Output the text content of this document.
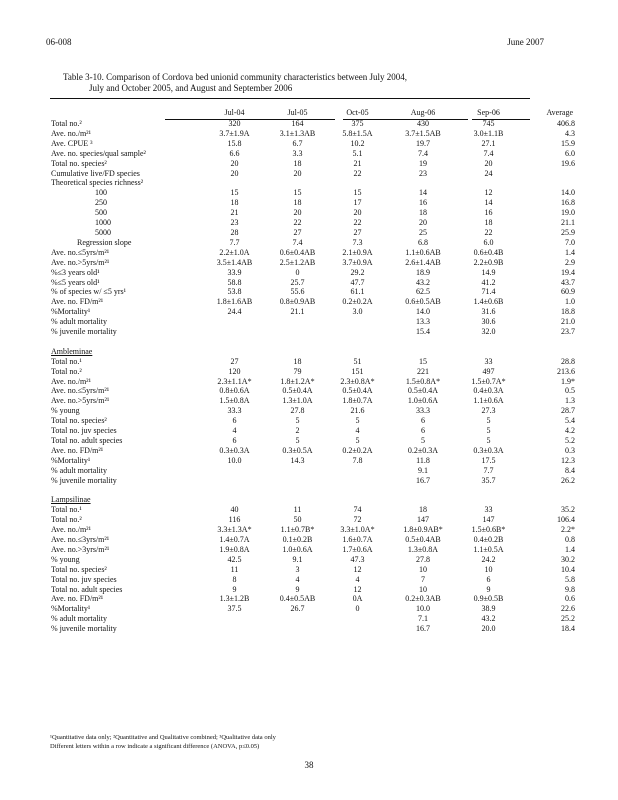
06-008	June 2007
Table 3-10. Comparison of Cordova bed unionid community characteristics between July 2004,
July and October 2005, and August and September 2006
	Jul-04	Jul-05	Oct-05	Aug-06	Sep-06	Average
Total no.²	320	164	375	430	745	406.8
Ave. no./m²¹	3.7±1.9A	3.1±1.3AB	5.8±1.5A	3.7±1.5AB	3.0±1.1B	4.3
Ave. CPUE ³	15.8	6.7	10.2	19.7	27.1	15.9
Ave. no. species/qual sample²	6.6	3.3	5.1	7.4	7.4	6.0
Total no. species²	20	18	21	19	20	19.6
Cumulative live/FD species	20	20	22	23	24	
Theoretical species richness²						
100	15	15	15	14	12	14.0
250	18	18	17	16	14	16.8
500	21	20	20	18	16	19.0
1000	23	22	22	20	18	21.1
5000	28	27	27	25	22	25.9
Regression slope	7.7	7.4	7.3	6.8	6.0	7.0
Ave. no.≤5yrs/m²¹	2.2±1.0A	0.6±0.4AB	2.1±0.9A	1.1±0.6AB	0.6±0.4B	1.4
Ave. no.>5yrs/m²¹	3.5±1.4AB	2.5±1.2AB	3.7±0.9A	2.6±1.4AB	2.2±0.9B	2.9
%≤3 years old¹	33.9	0	29.2	18.9	14.9	19.4
%≤5 years old¹	58.8	25.7	47.7	43.2	41.2	43.7
% of species w/ ≤5 yrs¹	53.8	55.6	61.1	62.5	71.4	60.9
Ave. no. FD/m²¹	1.8±1.6AB	0.8±0.9AB	0.2±0.2A	0.6±0.5AB	1.4±0.6B	1.0
%Mortality¹	24.4	21.1	3.0	14.0	31.6	18.8
% adult mortality				13.3	30.6	21.0
% juvenile mortality				15.4	32.0	23.7

Ambleminae						
Total no.¹	27	18	51	15	33	28.8
Total no.²	120	79	151	221	497	213.6
Ave. no./m²¹	2.3±1.1A*	1.8±1.2A*	2.3±0.8A*	1.5±0.8A*	1.5±0.7A*	1.9*
Ave. no.≤5yrs/m²¹	0.8±0.6A	0.5±0.4A	0.5±0.4A	0.5±0.4A	0.4±0.3A	0.5
Ave. no.>5yrs/m²¹	1.5±0.8A	1.3±1.0A	1.8±0.7A	1.0±0.6A	1.1±0.6A	1.3
% young	33.3	27.8	21.6	33.3	27.3	28.7
Total no. species²	6	5	5	6	5	5.4
Total no. juv species	4	2	4	6	5	4.2
Total no. adult species	6	5	5	5	5	5.2
Ave. no. FD/m²¹	0.3±0.3A	0.3±0.5A	0.2±0.2A	0.2±0.3A	0.3±0.3A	0.3
%Mortality¹	10.0	14.3	7.8	11.8	17.5	12.3
% adult mortality				9.1	7.7	8.4
% juvenile mortality				16.7	35.7	26.2

Lampsilinae						
Total no.¹	40	11	74	18	33	35.2
Total no.²	116	50	72	147	147	106.4
Ave. no./m²¹	3.3±1.3A*	1.1±0.7B*	3.3±1.0A*	1.8±0.9AB*	1.5±0.6B*	2.2*
Ave. no.≤3yrs/m²¹	1.4±0.7A	0.1±0.2B	1.6±0.7A	0.5±0.4AB	0.4±0.2B	0.8
Ave. no.>3yrs/m²¹	1.9±0.8A	1.0±0.6A	1.7±0.6A	1.3±0.8A	1.1±0.5A	1.4
% young	42.5	9.1	47.3	27.8	24.2	30.2
Total no. species²	11	3	12	10	10	10.4
Total no. juv species	8	4	4	7	6	5.8
Total no. adult species	9	9	12	10	9	9.8
Ave. no. FD/m²¹	1.3±1.2B	0.4±0.5AB	0A	0.2±0.3AB	0.9±0.5B	0.6
%Mortality¹	37.5	26.7	0	10.0	38.9	22.6
% adult mortality				7.1	43.2	25.2
% juvenile mortality				16.7	20.0	18.4
¹Quantitative data only; ²Quantitative and Qualitative combined; ³Qualitative data only
Different letters within a row indicate a significant difference (ANOVA, p≤0.05)
38
